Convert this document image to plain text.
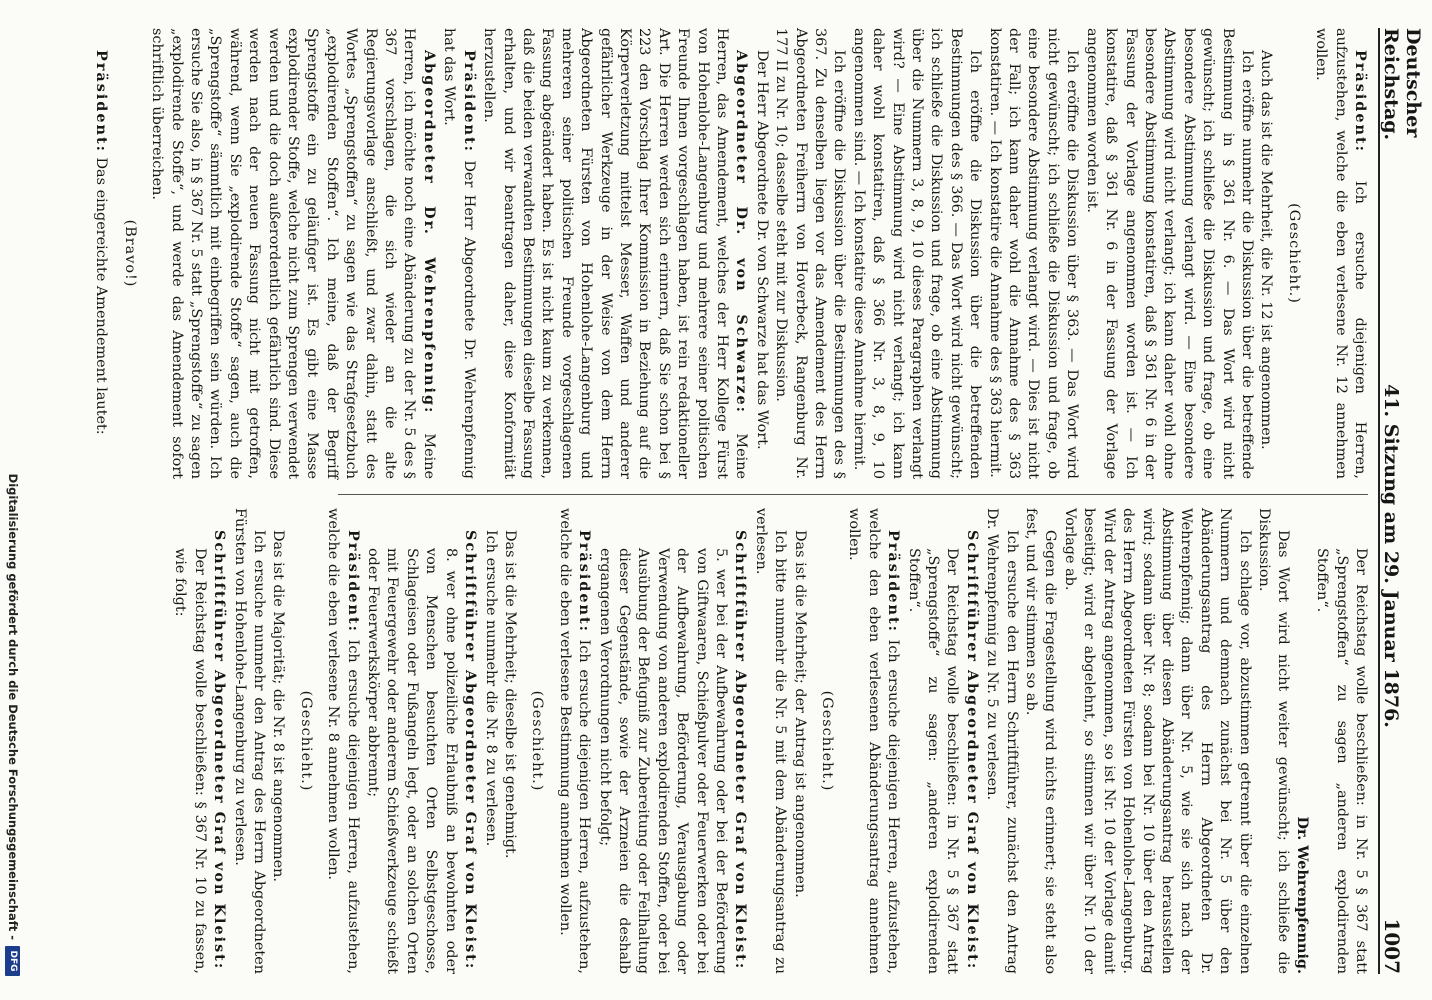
Deutscher Reichstag.
41. Sitzung am 29. Januar 1876.
1007

Präsident: Ich ersuche diejenigen Herren, aufzustehen, welche die eben verlesene Nr. 12 annehmen wollen.

(Geschieht.)

Auch das ist die Mehrheit, die Nr. 12 ist angenommen.

Ich eröffne nunmehr die Diskussion über die betreffende Bestimmung in § 361 Nr. 6. — Das Wort wird nicht gewünscht; ich schließe die Diskussion und frage, ob eine besondere Abstimmung verlangt wird. — Eine besondere Abstimmung wird nicht verlangt; ich kann daher wohl ohne besondere Abstimmung konstatiren, daß § 361 Nr. 6 in der Fassung der Vorlage angenommen worden ist. — Ich konstatire, daß § 361 Nr. 6 in der Fassung der Vorlage angenommen worden ist.

Ich eröffne die Diskussion über § 363. — Das Wort wird nicht gewünscht; ich schließe die Diskussion und frage, ob eine besondere Abstimmung verlangt wird. — Dies ist nicht der Fall; ich kann daher wohl die Annahme des § 363 konstatiren. — Ich konstatire die Annahme des § 363 hiermit.

Ich eröffne die Diskussion über die betreffenden Bestimmungen des § 366. — Das Wort wird nicht gewünscht; ich schließe die Diskussion und frage, ob eine Abstimmung über die Nummern 3, 8, 9, 10 dieses Paragraphen verlangt wird? — Eine Abstimmung wird nicht verlangt; ich kann daher wohl konstatiren, daß § 366 Nr. 3, 8, 9, 10 angenommen sind. — Ich konstatire diese Annahme hiermit.

Ich eröffne die Diskussion über die Bestimmungen des § 367. Zu denselben liegen vor das Amendement des Herrn Abgeordneten Freiherrn von Hoverbeck, Rangenburg Nr. 177 II zu Nr. 10; dasselbe steht mit zur Diskussion.

Der Herr Abgeordnete Dr. von Schwarze hat das Wort.

Abgeordneter Dr. von Schwarze: Meine Herren, das Amendement, welches der Herr Kollege Fürst von Hohenlohe-Langenburg und mehrere seiner politischen Freunde Ihnen vorgeschlagen haben, ist rein redaktioneller Art. Die Herren werden sich erinnern, daß Sie schon bei § 223 den Vorschlag Ihrer Kommission in Beziehung auf die Körperverletzung mittelst Messer, Waffen und anderer gefährlicher Werkzeuge in der Weise von dem Herrn Abgeordneten Fürsten von Hohenlohe-Langenburg und mehreren seiner politischen Freunde vorgeschlagenen Fassung abgeändert haben. Es ist nicht kaum zu verkennen, daß die beiden verwandten Bestimmungen dieselbe Fassung erhalten, und wir beantragen daher, diese Konformität herzustellen.

Präsident: Der Herr Abgeordnete Dr. Wehrenpfennig hat das Wort.

Abgeordneter Dr. Wehrenpfennig: Meine Herren, ich möchte noch eine Abänderung zu der Nr. 5 des § 367 vorschlagen, die sich wieder an die alte Regierungsvorlage anschließt, und zwar dahin, statt des Wortes „Sprengstoffen“ zu sagen wie das Strafgesetzbuch „explodirenden Stoffen“. Ich meine, daß der Begriff Sprengstoffe ein zu geläufiger ist. Es gibt eine Masse explodirender Stoffe, welche nicht zum Sprengen verwendet werden und die doch außerordentlich gefährlich sind. Diese werden nach der neuen Fassung nicht mit getroffen, während, wenn Sie „explodirende Stoffe“ sagen, auch die „Sprengstoffe“ sämmtlich mit einbegriffen sein würden. Ich ersuche Sie also, in § 367 Nr. 5 statt „Sprengstoffe“ zu sagen „explodirende Stoffe“, und werde das Amendement sofort schriftlich überreichen.

(Bravo!)

Präsident: Das eingereichte Amendement lautet:

Der Reichstag wolle beschließen: in Nr. 5 § 367 statt „Sprengstoffen“ zu sagen „anderen explodirenden Stoffen“.

Dr. Wehrenpfennig.

Das Wort wird nicht weiter gewünscht; ich schließe die Diskussion.

Ich schlage vor, abzustimmen getrennt über die einzelnen Nummern und demnach zunächst bei Nr. 5 über den Abänderungsantrag des Herrn Abgeordneten Dr. Wehrenpfennig; dann über Nr. 5, wie sie sich nach der Abstimmung über diesen Abänderungsantrag herausstellen wird; sodann über Nr. 8; sodann bei Nr. 10 über den Antrag des Herrn Abgeordneten Fürsten von Hohenlohe-Langenburg. Wird der Antrag angenommen, so ist Nr. 10 der Vorlage damit beseitigt; wird er abgelehnt, so stimmen wir über Nr. 10 der Vorlage ab.

Gegen die Fragestellung wird nichts erinnert; sie steht also fest, und wir stimmen so ab.

Ich ersuche den Herrn Schriftführer, zunächst den Antrag Dr. Wehrenpfennig zu Nr. 5 zu verlesen.

Schriftführer Abgeordneter Graf von Kleist:

Der Reichstag wolle beschließen: in Nr. 5 § 367 statt „Sprengstoffe“ zu sagen: „anderen explodirenden Stoffen“.

Präsident: Ich ersuche diejenigen Herren, aufzustehen, welche den eben verlesenen Abänderungsantrag annehmen wollen.

(Geschieht.)

Das ist die Mehrheit; der Antrag ist angenommen.

Ich bitte nunmehr die Nr. 5 mit dem Abänderungsantrag zu verlesen.

Schriftführer Abgeordneter Graf von Kleist:

5. wer bei der Aufbewahrung oder bei der Beförderung von Giftwaaren, Schießpulver oder Feuerwerken oder bei der Aufbewahrung, Beförderung, Verausgabung oder Verwendung von anderen explodirenden Stoffen, oder bei Ausübung der Befugniß zur Zubereitung oder Feilhaltung dieser Gegenstände, sowie der Arzneien die deshalb ergangenen Verordnungen nicht befolgt;

Präsident: Ich ersuche diejenigen Herren, aufzustehen, welche die eben verlesene Bestimmung annehmen wollen.

(Geschieht.)

Das ist die Mehrheit; dieselbe ist genehmigt.

Ich ersuche nunmehr die Nr. 8 zu verlesen.

Schriftführer Abgeordneter Graf von Kleist:

8. wer ohne polizeiliche Erlaubniß an bewohnten oder von Menschen besuchten Orten Selbstgeschosse, Schlageisen oder Fußangeln legt, oder an solchen Orten mit Feuergewehr oder anderem Schießwerkzeuge schießt oder Feuerwerkskörper abbrennt;

Präsident: Ich ersuche diejenigen Herren, aufzustehen, welche die eben verlesene Nr. 8 annehmen wollen.

(Geschieht.)

Das ist die Majorität; die Nr. 8 ist angenommen.

Ich ersuche nunmehr den Antrag des Herrn Abgeordneten Fürsten von Hohenlohe-Langenburg zu verlesen.

Schriftführer Abgeordneter Graf von Kleist:

Der Reichstag wolle beschließen: § 367 Nr. 10 zu fassen, wie folgt:

Digitalisierung gefördert durch die Deutsche Forschungsgemeinschaft -
DFG
